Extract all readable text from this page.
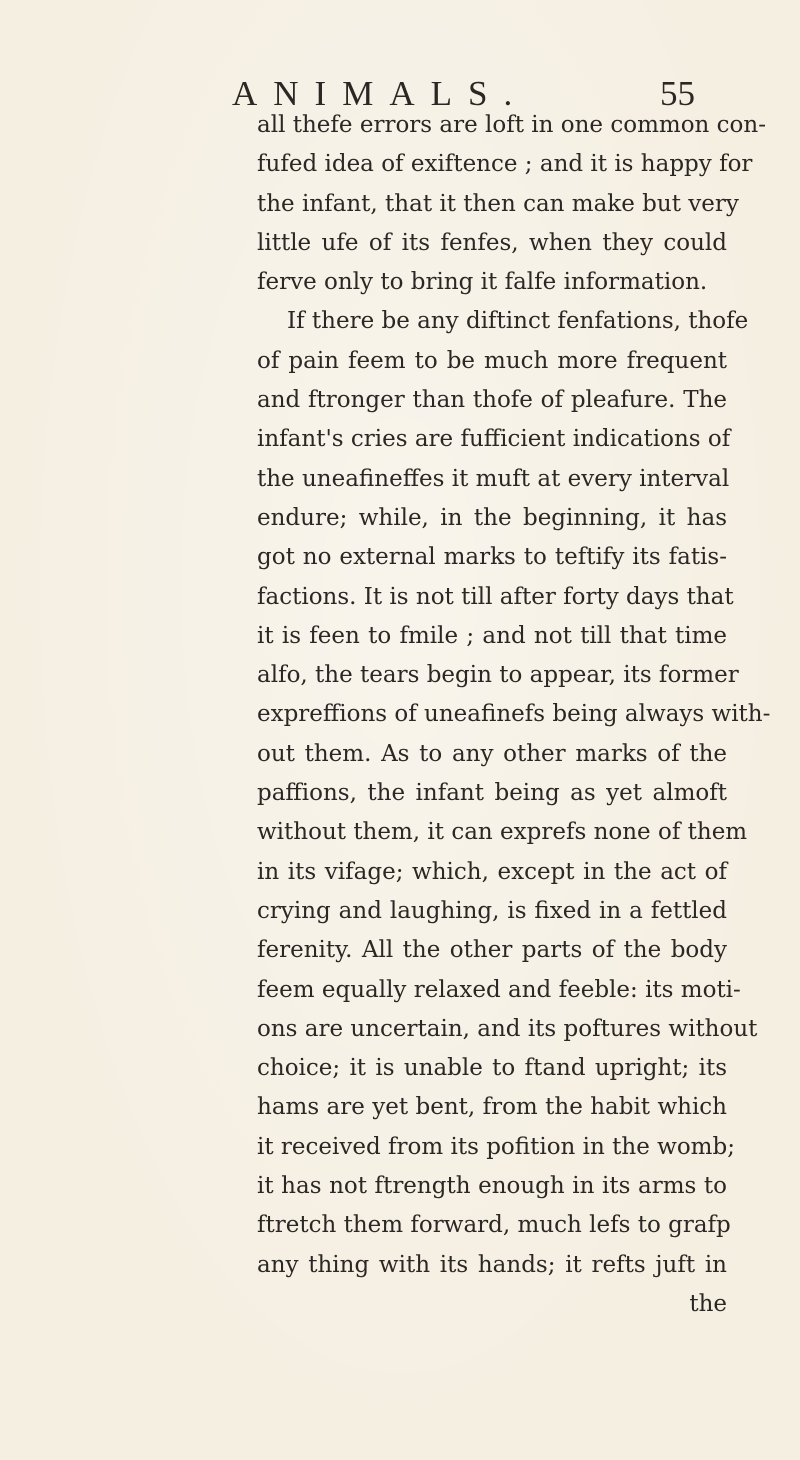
ANIMALS.	55
all thefe errors are loft in one common con-
fufed idea of exiftence ; and it is happy for
the infant, that it then can make but very
little ufe of its fenfes, when they could
ferve only to bring it falfe information.
If there be any diftinct fenfations, thofe
of pain feem to be much more frequent
and ftronger than thofe of pleafure. The
infant's cries are fufficient indications of
the uneafineffes it muft at every interval
endure; while, in the beginning, it has
got no external marks to teftify its fatis-
factions. It is not till after forty days that
it is feen to fmile ; and not till that time
alfo, the tears begin to appear, its former
expreffions of uneafinefs being always with-
out them. As to any other marks of the
paffions, the infant being as yet almoft
without them, it can exprefs none of them
in its vifage; which, except in the act of
crying and laughing, is fixed in a fettled
ferenity. All the other parts of the body
feem equally relaxed and feeble: its moti-
ons are uncertain, and its poftures without
choice; it is unable to ftand upright; its
hams are yet bent, from the habit which
it received from its pofition in the womb;
it has not ftrength enough in its arms to
ftretch them forward, much lefs to grafp
any thing with its hands; it refts juft in
the
